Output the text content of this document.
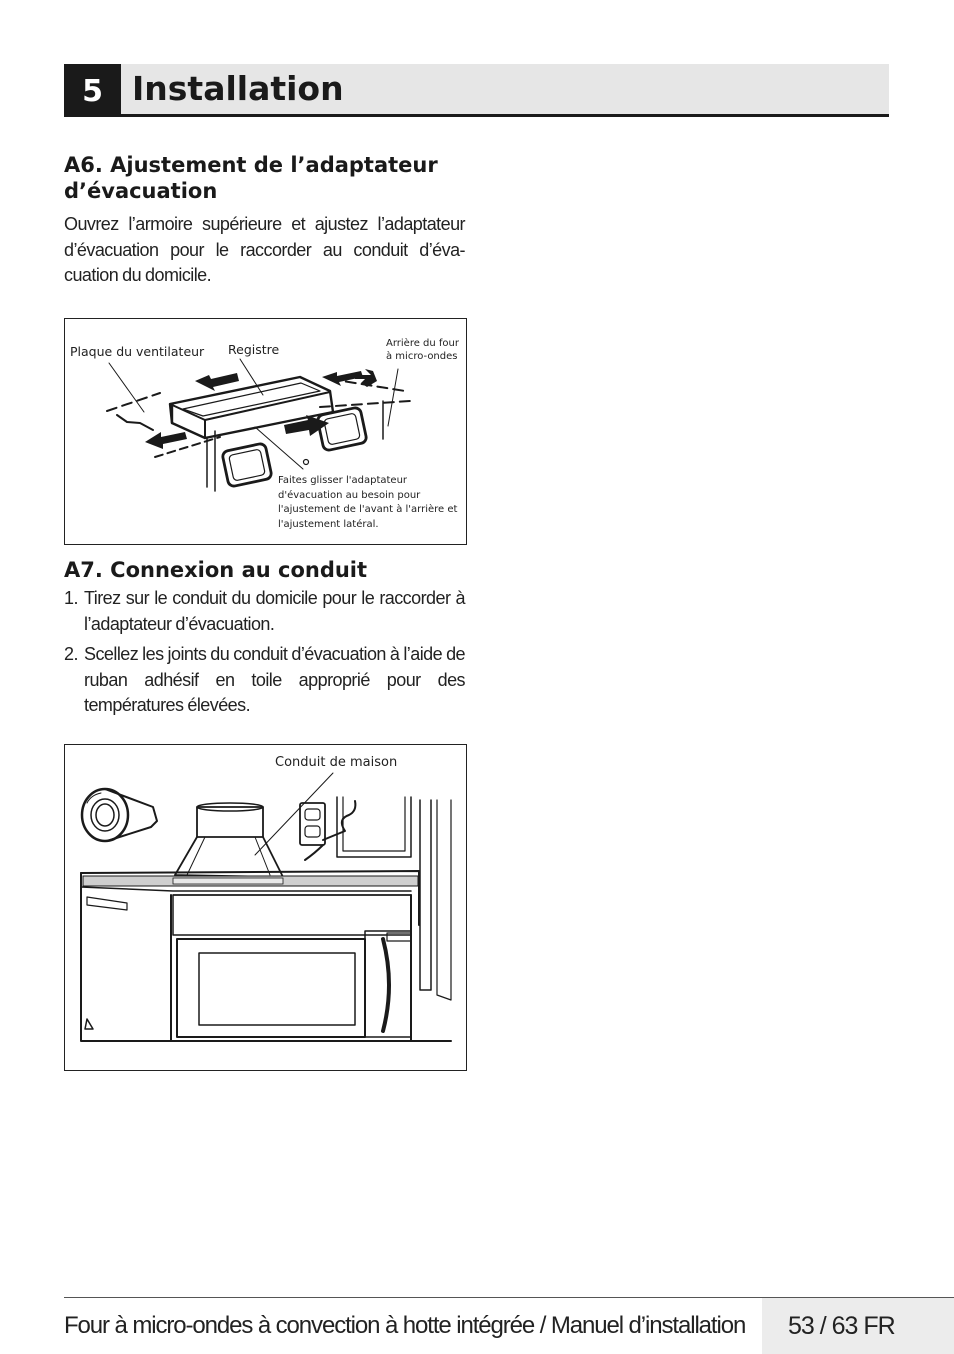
5 Installation
A6. Ajustement de l’adaptateur d’évacuation
Ouvrez l’armoire supérieure et ajustez l’adaptateur d’évacuation pour le raccorder au conduit d’éva-cuation du domicile.
Plaque du ventilateur Registre	Arrière du four
à micro-ondes
Faites glisser l'adaptateur
d'évacuation au besoin pour
l'ajustement de l'avant à l'arrière et
l'ajustement latéral.
A7. Connexion au conduit
1. Tirez sur le conduit du domicile pour le raccorder à l’adaptateur d’évacuation.
2. Scellez les joints du conduit d’évacuation à l’aide de ruban adhésif en toile approprié pour des températures élevées.
Conduit de maison
Four à micro-ondes à convection à hotte intégrée / Manuel d’installation 53 / 63 FR
